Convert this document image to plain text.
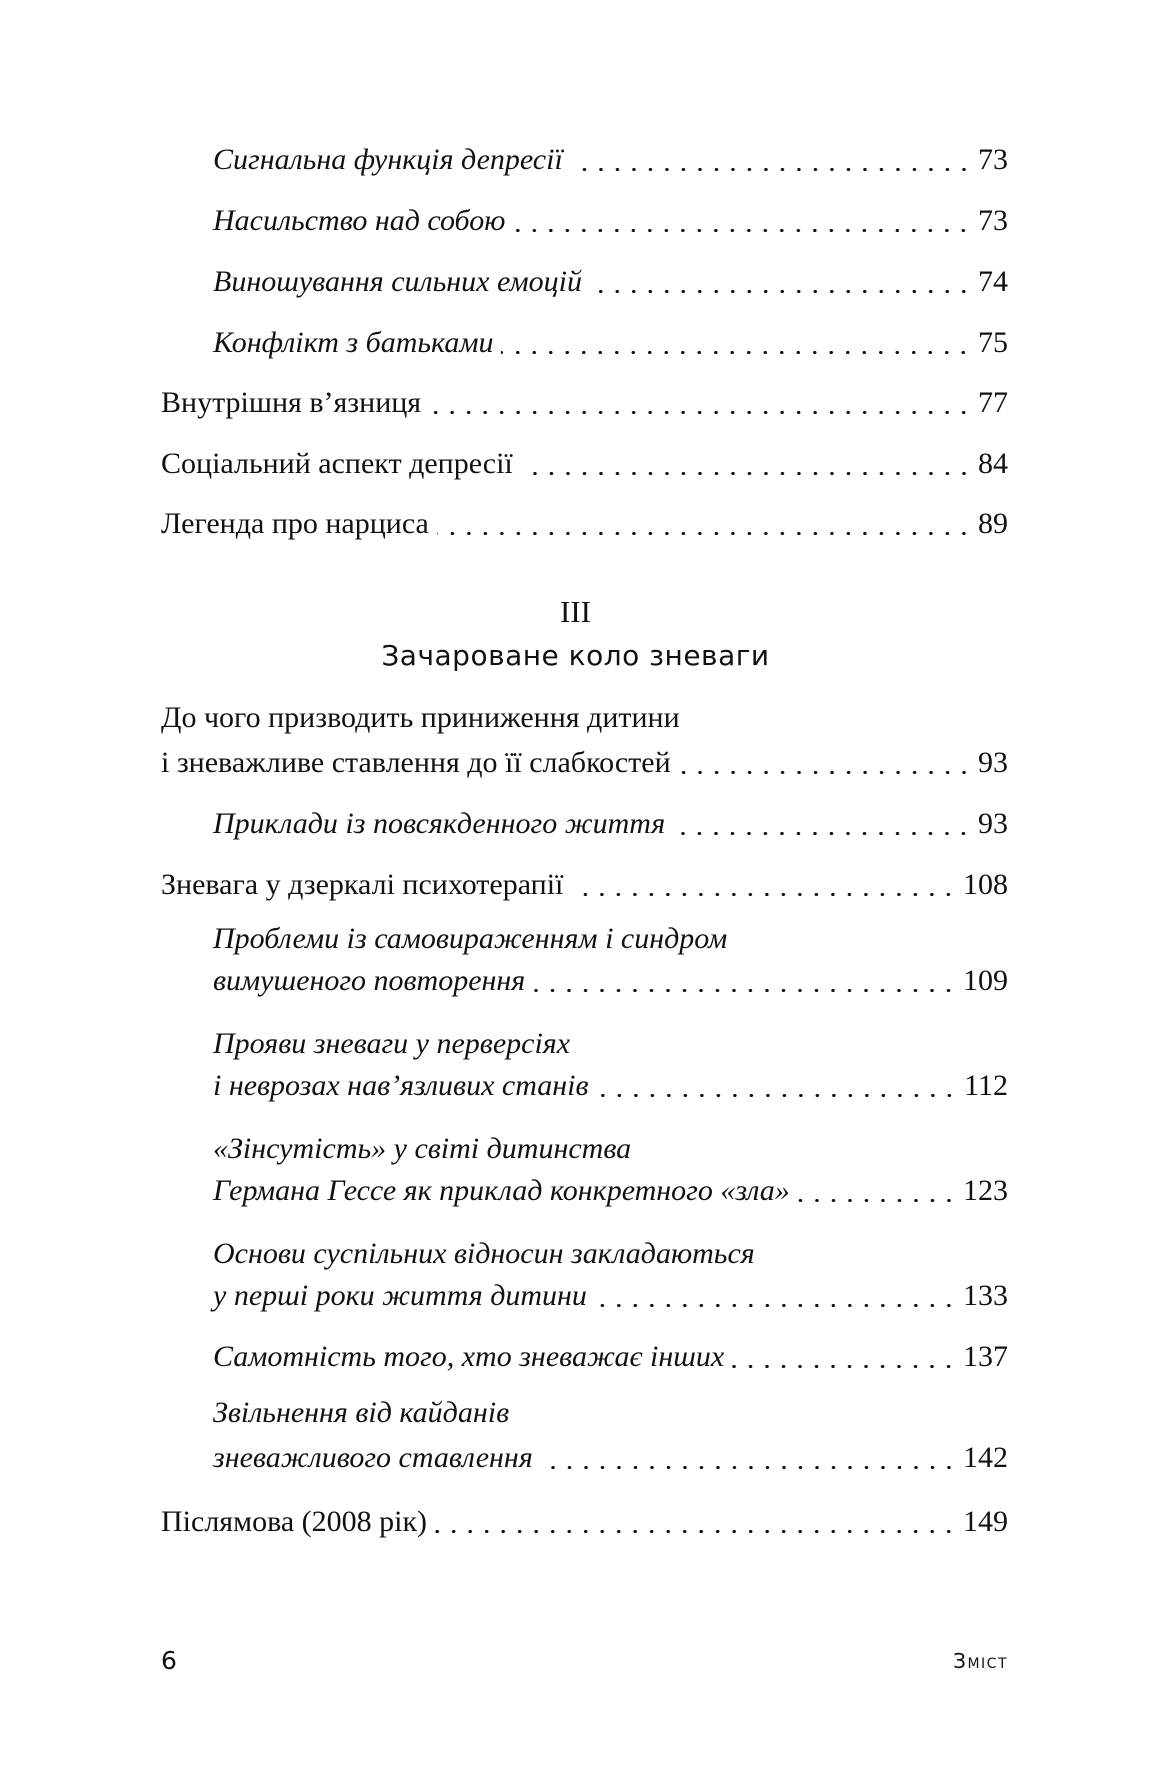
Сигнальна функція депресії	73
Насильство над собою	73
Виношування сильних емоцій	74
Конфлікт з батьками	75
Внутрішня в’язниця	77
Соціальний аспект депресії	84
Легенда про нарциса	89
III
Зачароване коло зневаги
До чого призводить приниження дитини
і зневажливе ставлення до її слабкостей	93
Приклади із повсякденного життя	93
Зневага у дзеркалі психотерапії	108
Проблеми із самовираженням і синдром
вимушеного повторення	109
Прояви зневаги у перверсіях
і неврозах нав’язливих станів	112
«Зінсутість» у світі дитинства
Германа Гессе як приклад конкретного «зла»	123
Основи суспільних відносин закладаються
у перші роки життя дитини	133
Самотність того, хто зневажає інших	137
Звільнення від кайданів
зневажливого ставлення	142
Післямова (2008 рік)	149
6	Зміст
